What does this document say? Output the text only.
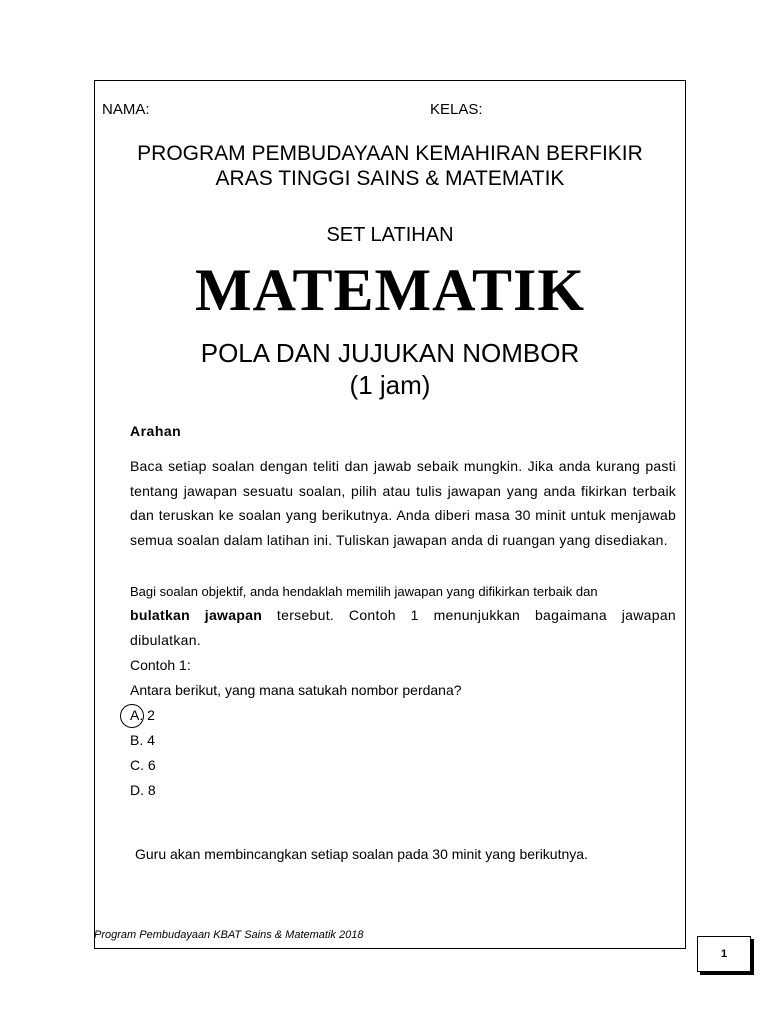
NAMA:	KELAS:
PROGRAM PEMBUDAYAAN KEMAHIRAN BERFIKIR
ARAS TINGGI SAINS & MATEMATIK
SET LATIHAN
MATEMATIK
POLA DAN JUJUKAN NOMBOR
(1 jam)
Arahan
Baca setiap soalan dengan teliti dan jawab sebaik mungkin. Jika anda kurang pasti tentang jawapan sesuatu soalan, pilih atau tulis jawapan yang anda fikirkan terbaik dan teruskan ke soalan yang berikutnya. Anda diberi masa 30 minit untuk menjawab semua soalan dalam latihan ini. Tuliskan jawapan anda di ruangan yang disediakan.
Bagi soalan objektif, anda hendaklah memilih jawapan yang difikirkan terbaik dan
bulatkan jawapan tersebut. Contoh 1 menunjukkan bagaimana jawapan dibulatkan.
Contoh 1:
Antara berikut, yang mana satukah nombor perdana?
A. 2
B. 4
C. 6
D. 8
Guru akan membincangkan setiap soalan pada 30 minit yang berikutnya.
Program Pembudayaan KBAT Sains & Matematik 2018
1
